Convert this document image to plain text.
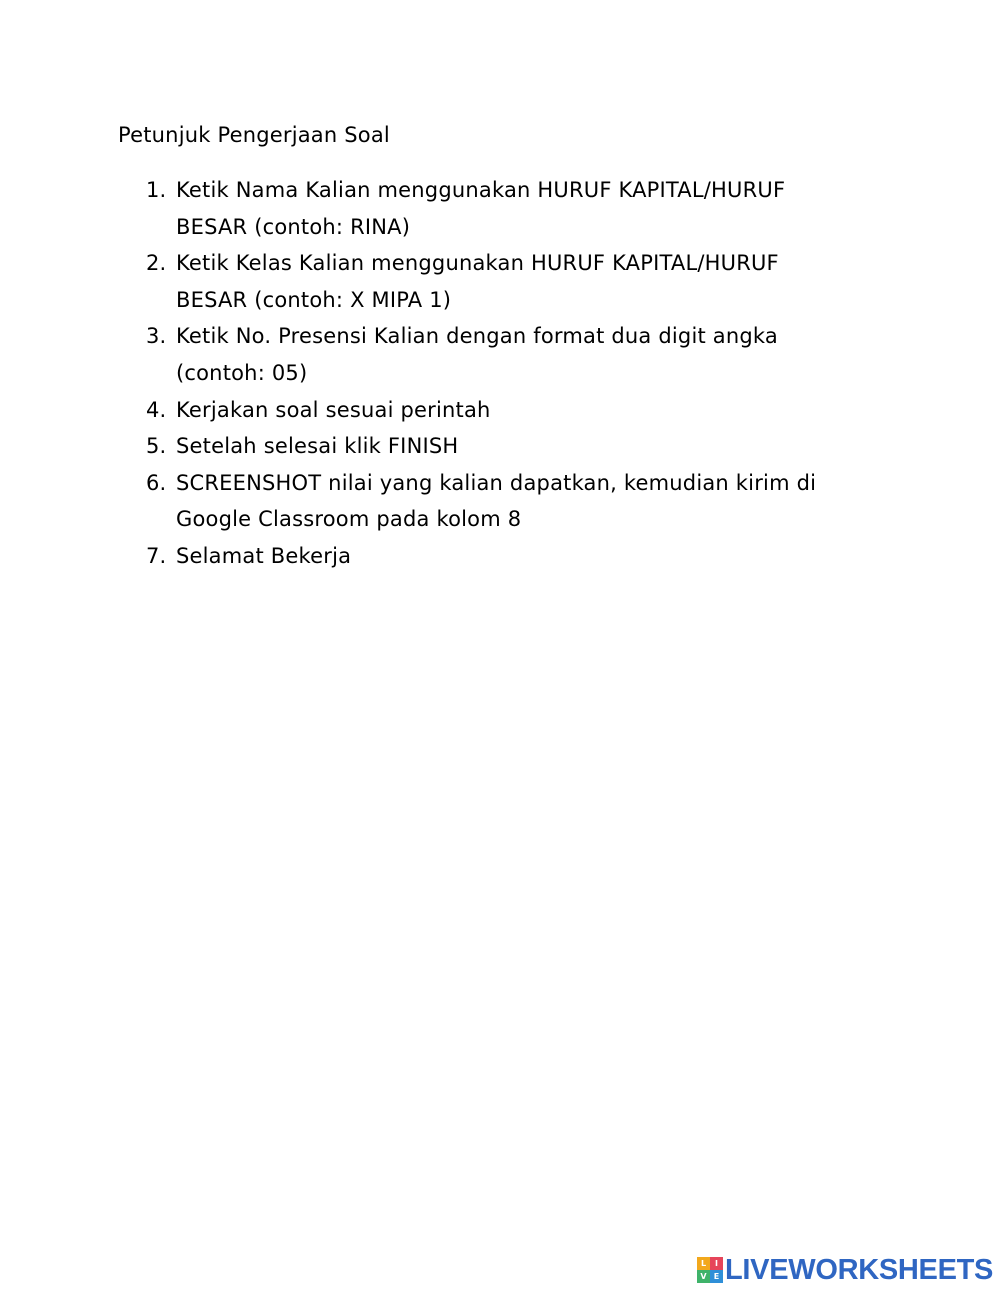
Petunjuk Pengerjaan Soal
1. Ketik Nama Kalian menggunakan HURUF KAPITAL/HURUF
BESAR (contoh: RINA)
2. Ketik Kelas Kalian menggunakan HURUF KAPITAL/HURUF
BESAR (contoh: X MIPA 1)
3. Ketik No. Presensi Kalian dengan format dua digit angka
(contoh: 05)
4. Kerjakan soal sesuai perintah
5. Setelah selesai klik FINISH
6. SCREENSHOT nilai yang kalian dapatkan, kemudian kirim di
Google Classroom pada kolom 8
7. Selamat Bekerja
L	I
V E LIVEWORKSHEETS
